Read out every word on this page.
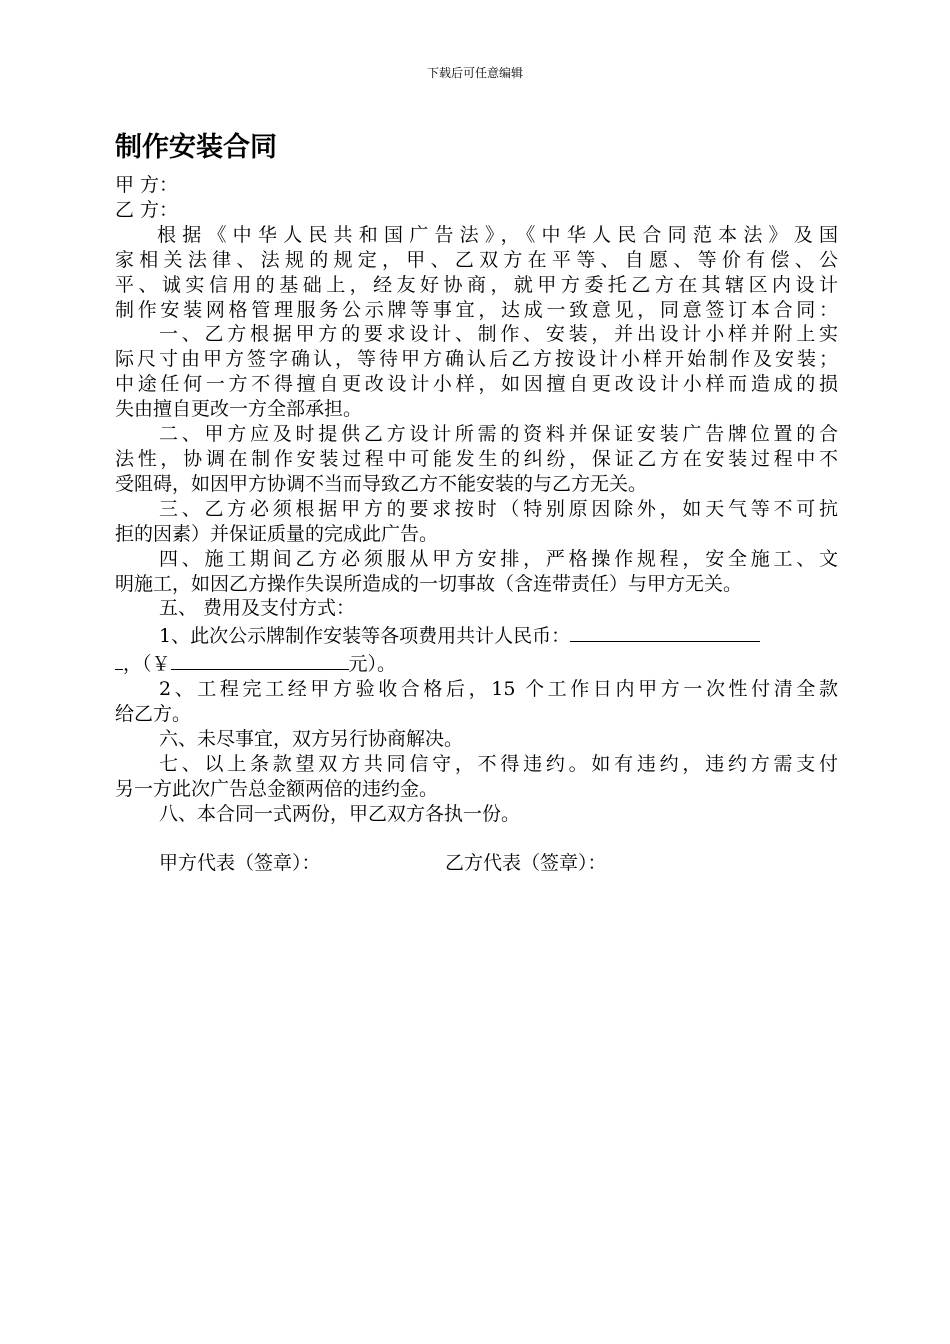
下载后可任意编辑
制作安装合同
甲 方：
乙 方：
根据《中华人民共和国广告法》，《中华人民合同范本法》及国
家相关法律、法规的规定，甲、乙双方在平等、自愿、等价有偿、公
平、诚实信用的基础上，经友好协商，就甲方委托乙方在其辖区内设计
制作安装网格管理服务公示牌等事宜，达成一致意见，同意签订本合同：
一、乙方根据甲方的要求设计、制作、安装，并出设计小样并附上实
际尺寸由甲方签字确认，等待甲方确认后乙方按设计小样开始制作及安装；
中途任何一方不得擅自更改设计小样，如因擅自更改设计小样而造成的损
失由擅自更改一方全部承担。
二、甲方应及时提供乙方设计所需的资料并保证安装广告牌位置的合
法性，协调在制作安装过程中可能发生的纠纷，保证乙方在安装过程中不
受阻碍，如因甲方协调不当而导致乙方不能安装的与乙方无关。
三、乙方必须根据甲方的要求按时（特别原因除外，如天气等不可抗
拒的因素）并保证质量的完成此广告。
四、施工期间乙方必须服从甲方安排，严格操作规程，安全施工、文
明施工，如因乙方操作失误所造成的一切事故（含连带责任）与甲方无关。
五、 费用及支付方式：
1、此次公示牌制作安装等各项费用共计人民币：
，（￥	元）。
2、工程完工经甲方验收合格后，15 个工作日内甲方一次性付清全款
给乙方。
六、未尽事宜，双方另行协商解决。
七、以上条款望双方共同信守，不得违约。如有违约，违约方需支付
另一方此次广告总金额两倍的违约金。
八、本合同一式两份，甲乙双方各执一份。
甲方代表（签章）：	乙方代表（签章）：
